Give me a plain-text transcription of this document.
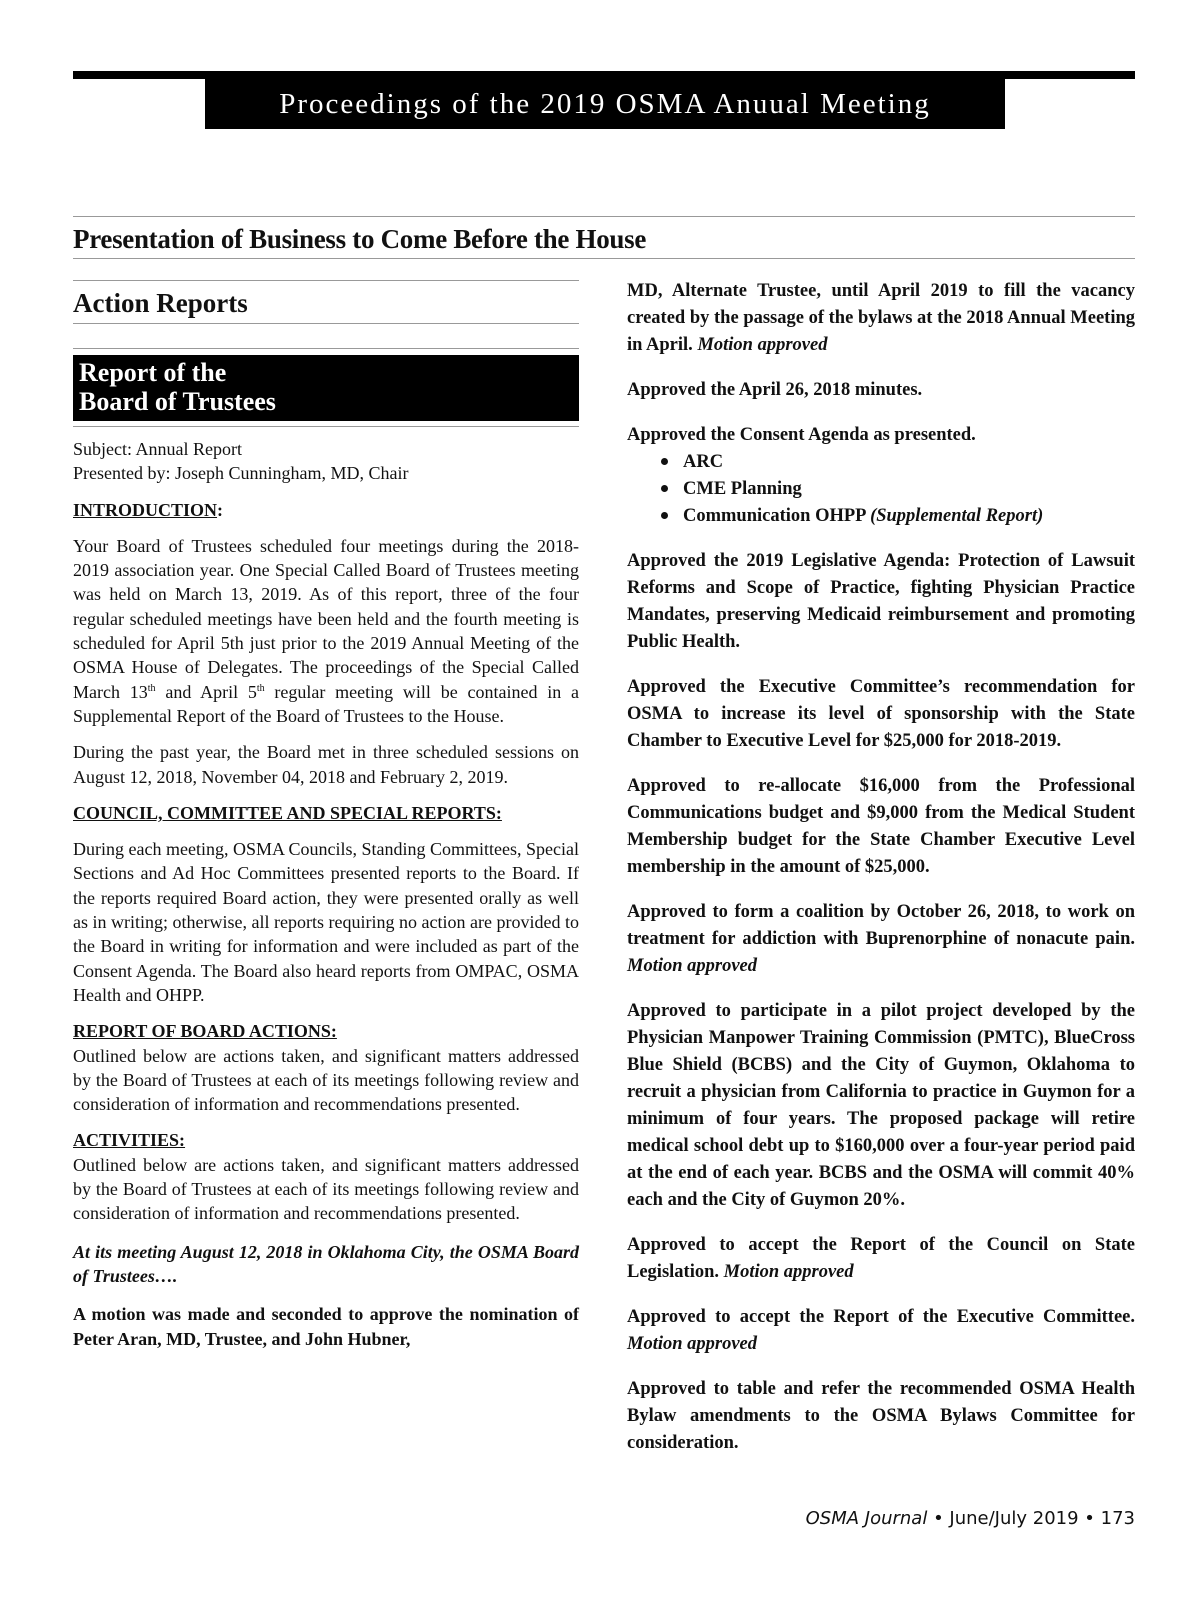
Proceedings of the 2019 OSMA Anuual Meeting
Presentation of Business to Come Before the House
Action Reports
Report of the
Board of Trustees

Subject: Annual Report

Presented by: Joseph Cunningham, MD, Chair

INTRODUCTION:

Your Board of Trustees scheduled four meetings during the 2018-2019 association year. One Special Called Board of Trustees meeting was held on March 13, 2019. As of this report, three of the four regular scheduled meetings have been held and the fourth meeting is scheduled for April 5th just prior to the 2019 Annual Meeting of the OSMA House of Delegates. The proceedings of the Special Called March 13th and April 5th regular meeting will be contained in a Supplemental Report of the Board of Trustees to the House.

During the past year, the Board met in three scheduled sessions on August 12, 2018, November 04, 2018 and February 2, 2019.

COUNCIL, COMMITTEE AND SPECIAL REPORTS:

During each meeting, OSMA Councils, Standing Committees, Special Sections and Ad Hoc Committees presented reports to the Board. If the reports required Board action, they were presented orally as well as in writing; otherwise, all reports requiring no action are provided to the Board in writing for information and were included as part of the Consent Agenda. The Board also heard reports from OMPAC, OSMA Health and OHPP.

REPORT OF BOARD ACTIONS:

Outlined below are actions taken, and significant matters addressed by the Board of Trustees at each of its meetings following review and consideration of information and recommendations presented.

ACTIVITIES:

Outlined below are actions taken, and significant matters addressed by the Board of Trustees at each of its meetings following review and consideration of information and recommendations presented.

At its meeting August 12, 2018 in Oklahoma City, the OSMA Board of Trustees….

A motion was made and seconded to approve the nomination of Peter Aran, MD, Trustee, and John Hubner,

MD, Alternate Trustee, until April 2019 to fill the vacancy created by the passage of the bylaws at the 2018 Annual Meeting in April. Motion approved

Approved the April 26, 2018 minutes.

Approved the Consent Agenda as presented.

ARC
CME Planning
Communication OHPP (Supplemental Report)

Approved the 2019 Legislative Agenda: Protection of Lawsuit Reforms and Scope of Practice, fighting Physician Practice Mandates, preserving Medicaid reimbursement and promoting Public Health.

Approved the Executive Committee’s recommendation for OSMA to increase its level of sponsorship with the State Chamber to Executive Level for $25,000 for 2018-2019.

Approved to re-allocate $16,000 from the Professional Communications budget and $9,000 from the Medical Student Membership budget for the State Chamber Executive Level membership in the amount of $25,000.

Approved to form a coalition by October 26, 2018, to work on treatment for addiction with Buprenorphine of nonacute pain. Motion approved

Approved to participate in a pilot project developed by the Physician Manpower Training Commission (PMTC), BlueCross Blue Shield (BCBS) and the City of Guymon, Oklahoma to recruit a physician from California to practice in Guymon for a minimum of four years. The proposed package will retire medical school debt up to $160,000 over a four-year period paid at the end of each year. BCBS and the OSMA will commit 40% each and the City of Guymon 20%.

Approved to accept the Report of the Council on State Legislation. Motion approved

Approved to accept the Report of the Executive Committee. Motion approved

Approved to table and refer the recommended OSMA Health Bylaw amendments to the OSMA Bylaws Committee for consideration.

OSMA Journal • June/July 2019 • 173
